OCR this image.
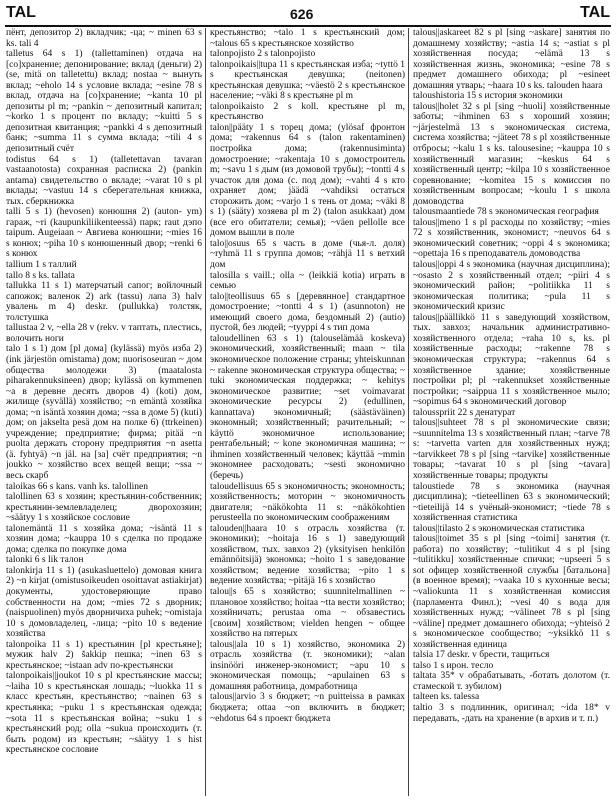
TAL	626	TAL

пёнт, депозитор 2) вкладчик; -ца; ~ minen 63 s ks. tali 4

talletus 64 s 1) (tallettaminen) отдача на [со]хранение; депонирование; вклад (деньги) 2) (se, mitä on talletettu) вклад; nostaa ~ вынуть вклад; ~eholo 14 s условие вклада; ~esine 78 s вклад, отдача на [со]хранение; ~kanta 10 pl депозиты pl m; ~pankin ~ депозитный капитал; ~korko 1 s процент по вкладу; ~kuitti 5 s депозитная квитанция; ~pankki 4 s депозитный банк; ~summa 11 s сумма вклада; ~tili 4 s депозитный счёт

todistus 64 s 1) (talletettavan tavaran vastaanotosta) сохранная расписка 2) (pankin antama) свидетельство о вкладе; ~varat 10 s pl вклады; ~vastuu 14 s сберегательная книжка, тых. сберкнижка

talli 5 s 1) (hevosen) конюшня 2) (auton- ym) гараж, ~ri (kaupunkiliikenteessä) парк; raut дэпо taipum. Augeiaan ~ Авгиева конюшни; ~mies 16 s конюх; ~piha 10 s конюшенный двор; ~renki 6 s конюх

tallium 1 s таллий

tallo 8 s ks. tallata

tallukka 11 s 1) матерчатый сапог; войлочный сапожок; валенок 2) ark (tassu) лапа 3) halv увалень m 4) deskr. (pullukka) толстяк, толстушка

tallustaa 2 v, ~ella 28 v (rekv. v таптать, плестись, волочить ноги

talo 1 s 1) дом [pl дома] (kylässä) myös изба 2) (ink järjestön omistama) дом; nuorisoseuran ~ дом общества молодежи 3) (maatalosta piharakennuksineen) двор; kylässä on kymmenen ~a в деревне десять дворов 4) (koti) дом, жилище (syvällä) хозяйство; ~n emäntä хозяйка дома; ~n isäntä хозяин дома; ~ssa в доме 5) (kuti) дом; on jakselta pesä дом на полке 6) (ttrkeinen) учреждение; предприятие; фирма; pitää ~n puolta держать сторону предприятия ~n asetta (ä. fyhtyä) ~n jäl. на [за] счёт предприятия; ~n joukko ~ хозяйство всех вещей вещи; ~ssa ~ весь скарб

taloikas 66 s kans. vanh ks. talollinen

talollinen 63 s хозяин; крестьянин-собственник; крестьянин-землевладелец; дворохозяин; ~säätyу 1 s хозяйское сословие

talonemäntä 11 s хозяйка дома; ~isäntä 11 s хозяин дома; ~kauppa 10 s сделка по продаже дома; сделка по покупке дома

talonki 6 s lik талон

talonkirja 11 s 1) (asukasluettelo) домовая книга 2) ~n kirjat (omistusoikeuden osoittavat astiakirjat) документы, удостоверяющие право собственности на дом; ~mies 72 s дворник; (naispuolinen) myös дворничиха puhek; ~omistaja 10 s домовладелец, -лица; ~pito 10 s ведение хозяйства

talonpoika 11 s 1) крестьянин [pl крестьяне]; мужик halv 2) šakkip пешка; ~inen 63 s крестьянское; ~istaan adv по-крестьянски

talonpoikais||joukot 10 s pl крестьянские массы; ~laiha 10 s крестьянская лошадь; ~luokka 11 s класс крестьян, крестьянство; ~nainen 63 s крестьянка; ~puku 1 s крестьянская одежда; ~sota 11 s крестьянская война; ~suku 1 s крестьянский род; olla ~sukua происходить (т. быть родом) из крестьян; ~säätyу 1 s hist крестьянское сословие

крестьянство; ~talo 1 s крестьянский дом; ~talous 65 s крестьянское хозяйство

talonpojisto 2 s talonpojisto

talonpoikais||tupa 11 s крестьянская изба; ~tyttö 1 s крестьянская девушка; (neitonen) крестьянская девушка; ~väestö 2 s крестьянское население; ~väki 8 s крестьяне pl m

talonpoikaisto 2 s koll. крестьяне pl m, крестьянство

talon||pääty 1 s торец дома; (ylösaf фронтон дома; ~rakennus 64 s (talon rakentaminen) постройка дома; (rakennusiminta) домостроение; ~rakentaja 10 s домостроитель m; ~savu 1 s дым (из домовой трубы); ~tonttі 4 s участок для дома (с. под дом); ~vahti 4 s кто охраняет дом; jäädä ~vahdiksi остаться сторожить дом; ~varjo 1 s тень от дома; ~väki 8 s 1) (sääty) хозяева pl m 2) (talon asukkaat) дом (все его обитатели; семья); ~väen pellolle все домом вышли в поле

talo||osuus 65 s часть в доме (чья-л. доля) ~ryhmä 11 s группа домов; ~rähjä 11 s ветхий дом

talosilla s vaill.; olla ~ (leikkiä kotia) играть в семью

talo||teollisuus 65 s [деревянное] стандартное домостроение; ~tontti 4 s 1) (asunnoton) не имеющий своего дома, бездомный 2) (autio) пустой, без людей; ~tyyppi 4 s тип дома

taloudellinen 63 s 1) (talouselämää koskeva) экономический, хозяйственный; maan ~ tila экономическое положение страны; yhteiskunnan ~ rakenne экономическая структура общества; ~ tuki экономическая поддержка; ~ kehitys экономическое развитие; ~set voimavarat экономические ресурсы 2) (edullinen, kannattava) экономичный; (säästäväinen) экономный; хозяйственный; рачительный; ~ käyttö экономичное использование; рентабельный; ~ kone экономичная машина; ~ ihminen хозяйственный человек; käyttää ~mmin экономнее расходовать; ~sesti экономично (беречь)

taloudellisuus 65 s экономичность; экономность; хозяйственность; моторин ~ экономичность двигателя; ~näkökohta 11 s: ~näkökohtien perusteella по экономическим соображениям

talouden||haara 10 s отрасль хозяйства (т. экономики); ~hoitaja 16 s 1) заведующий хозяйством, тых. завхоз 2) (yksityisen henkilön emännöitsijä) экономка; ~hoito 1 s заведование хозяйством; ведение хозяйства; ~pito 1 s ведение хозяйства; ~pitäjä 16 s хозяйство

talou||s 65 s хозяйство; suunnitelmallinen ~ плановое хозяйство; hoitaa ~tta вести хозяйство; хозяйничать; perustaa oma ~ обзавестись [своим] хозяйством; vielden hengen ~ общее хозяйство на пятерых

talous||ala 10 s 1) хозяйство, экономика 2) отрасль хозяйства (т. экономики); ~alan insinööri инженер-экономист; ~apu 10 s экономическая помощь; ~apulainen 63 s домашняя работница, домработница

talous||arvio 3 s бюджет; ~n puitteissa в рамках бюджета; ottaa ~on включить в бюджет; ~ehdotus 64 s проект бюджета

talous||askareet 82 s pl [sing ~askare] занятия по домашнему хозяйству; ~astia 14 s; ~astiat s pl хозяйственная посуда; ~elämä 13 s хозяйственная жизнь, экономика; ~esine 78 s предмет домашнего обихода; pl ~esineet домашняя утварь; ~haara 10 s ks. talouden haara

taloushistoria 15 s история экономики

talous||holet 32 s pl [sing ~huoli] хозяйственные заботы; ~ihminen 63 s хороший хозяин; ~järjestelmä 13 s экономическая система, система хозяйства; ~jäteet 78 s pl хозяйственные отбросы; ~kalu 1 s ks. talousesine; ~kauppa 10 s хозяйственный магазин; ~keskus 64 s хозяйственный центр; ~kilpa 10 s хозяйственное соревнование; ~komitea 15 s комиссия по хозяйственным вопросам; ~koulu 1 s школа домоводства

talousmaantiede 78 s экономическая география

talous||meno 1 s pl расходы по хозяйству; ~mies 72 s хозяйственник, экономист; ~neuvos 64 s экономический советник; ~oppi 4 s экономика; ~opettaja 16 s преподаватель домоводства

talous||oppi 4 s экономика (научная дисциплина); ~osasto 2 s хозяйственный отдел; ~piiri 4 s экономический район; ~politiikka 11 s экономическая политика; ~pula 11 s экономический кризис

talous||päällikkö 11 s заведующий хозяйством, тых. завхоз; начальник административно-хозяйственного отдела; ~raha 10 s, ks. pl хозяйственные расходы; ~rakenne 78 s экономическая структура; ~rakennus 64 s хозяйственное здание; хозяйственные постройки pl; pl ~rakennukset хозяйственные постройки; ~saippua 11 s хозяйственное мыло; ~sopimus 64 s экономический договор

talousspriit 22 s денатурат

talous||suhteet 78 s pl экономические связи; ~suunnitelma 13 s хозяйственный план; ~tarve 78 s: ~tarvetta varten для хозяйственных нужд; ~tarvikkeet 78 s pl [sing ~tarvike] хозяйственные товары; ~tavarat 10 s pl [sing ~tavara] хозяйственные товары; продукты

taloustiede 78 s экономика (научная дисциплина); ~tieteellinen 63 s экономический; ~tieteilijä 14 s учёный-экономист; ~tiede 78 s хозяйственная статистика

talous||tilasto 2 s экономическая статистика

talous||toimet 35 s pl [sing ~toimi] занятия (т. работа) по хозяйству; ~tulitikut 4 s pl [sing ~tulitikku] хозяйственные спички; ~upseeri 5 s sot офицер хозяйственной службы [батальона] (в военное время); ~vaaka 10 s кухонные весы; ~valiokunta 11 s хозяйственная комиссия (парламента Финл.); ~vesi 40 s вода для хозяйственных нужд; ~välineet 78 s pl [sing ~väline] предмет домашнего обихода; ~yhteisö 2 s экономическое сообщество; ~yksikkö 11 s хозяйственная единица

talsia 17 deskr. v брести, тащиться

talso 1 s ирон. тесло

taltata 35* v обрабатывать, -ботать долотом (т. стамеской т. зубилом)

talteen ks. talessa

taltio 3 s подлинник, оригинал; ~ida 18* v передавать, -дать на хранение (в архив и т. п.)
